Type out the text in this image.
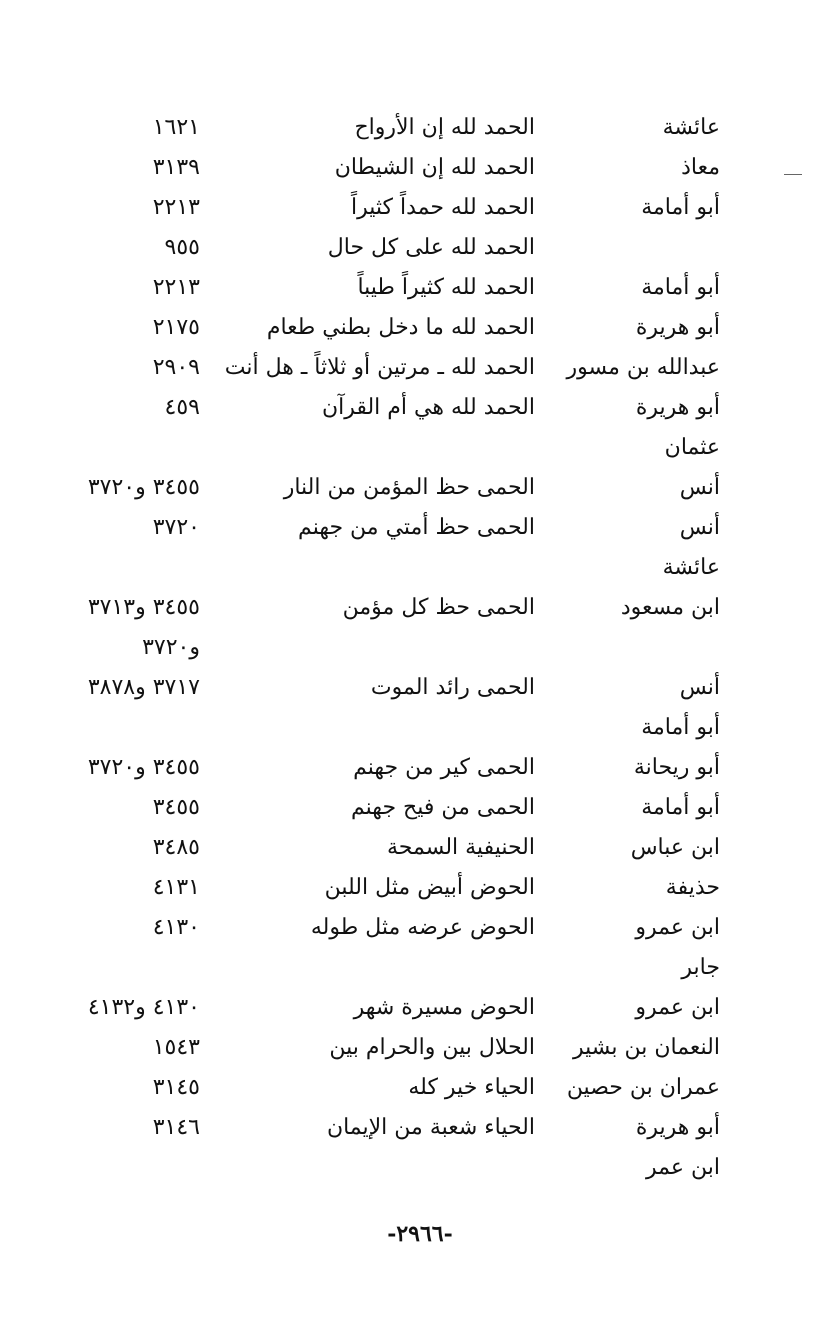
عائشة
الحمد لله إن الأرواح
١٦٢١
معاذ
الحمد لله إن الشيطان
٣١٣٩
أبو أمامة
الحمد لله حمداً كثيراً
٢٢١٣
الحمد لله على كل حال
٩٥٥
أبو أمامة
الحمد لله كثيراً طيباً
٢٢١٣
أبو هريرة
الحمد لله ما دخل بطني طعام
٢١٧٥
عبدالله بن مسور
الحمد لله ـ مرتين أو ثلاثاً ـ هل أنت
٢٩٠٩
أبو هريرة
الحمد لله هي أم القرآن
٤٥٩
عثمان
أنس
الحمى حظ المؤمن من النار
٣٤٥٥ و٣٧٢٠
أنس
الحمى حظ أمتي من جهنم
٣٧٢٠
عائشة
ابن مسعود
الحمى حظ كل مؤمن
٣٤٥٥ و٣٧١٣
و٣٧٢٠
أنس
الحمى رائد الموت
٣٧١٧ و٣٨٧٨
أبو أمامة
أبو ريحانة
الحمى كير من جهنم
٣٤٥٥ و٣٧٢٠
أبو أمامة
الحمى من فيح جهنم
٣٤٥٥
ابن عباس
الحنيفية السمحة
٣٤٨٥
حذيفة
الحوض أبيض مثل اللبن
٤١٣١
ابن عمرو
الحوض عرضه مثل طوله
٤١٣٠
جابر
ابن عمرو
الحوض مسيرة شهر
٤١٣٠ و٤١٣٢
النعمان بن بشير
الحلال بين والحرام بين
١٥٤٣
عمران بن حصين
الحياء خير كله
٣١٤٥
أبو هريرة
الحياء شعبة من الإيمان
٣١٤٦
ابن عمر
-٢٩٦٦-
